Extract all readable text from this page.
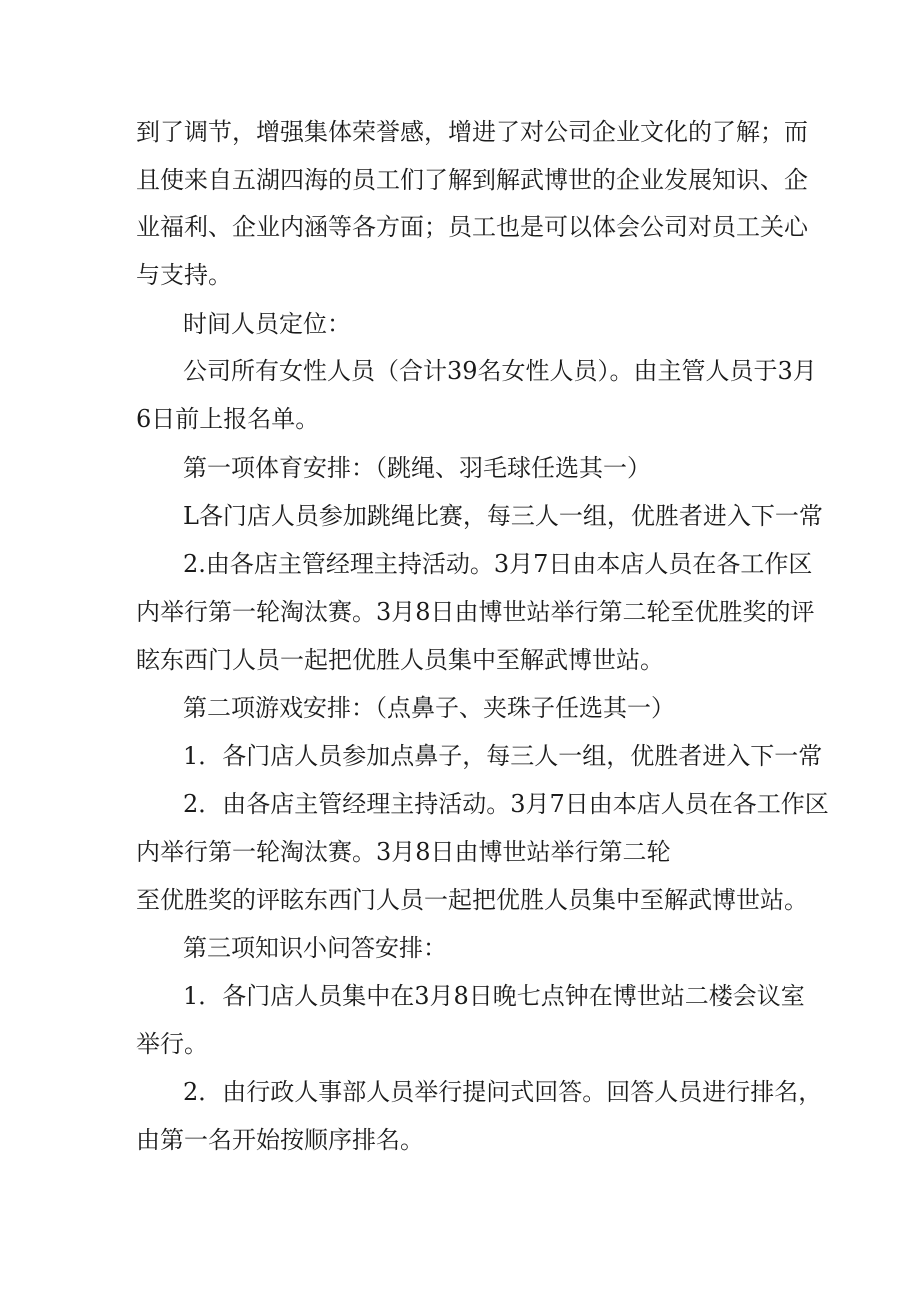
到了调节，增强集体荣誉感，增进了对公司企业文化的了解；而
且使来自五湖四海的员工们了解到解武博世的企业发展知识、企
业福利、企业内涵等各方面；员工也是可以体会公司对员工关心
与支持。
时间人员定位：
公司所有女性人员（合计39名女性人员）。由主管人员于3月
6日前上报名单。
第一项体育安排：（跳绳、羽毛球任选其一）
L各门店人员参加跳绳比赛，每三人一组，优胜者进入下一常
2.由各店主管经理主持活动。3月7日由本店人员在各工作区
内举行第一轮淘汰赛。3月8日由博世站举行第二轮至优胜奖的评
眩东西门人员一起把优胜人员集中至解武博世站。
第二项游戏安排：（点鼻子、夹珠子任选其一）
1．各门店人员参加点鼻子，每三人一组，优胜者进入下一常
2．由各店主管经理主持活动。3月7日由本店人员在各工作区
内举行第一轮淘汰赛。3月8日由博世站举行第二轮
至优胜奖的评眩东西门人员一起把优胜人员集中至解武博世站。
第三项知识小问答安排：
1．各门店人员集中在3月8日晚七点钟在博世站二楼会议室
举行。
2．由行政人事部人员举行提问式回答。回答人员进行排名，
由第一名开始按顺序排名。
